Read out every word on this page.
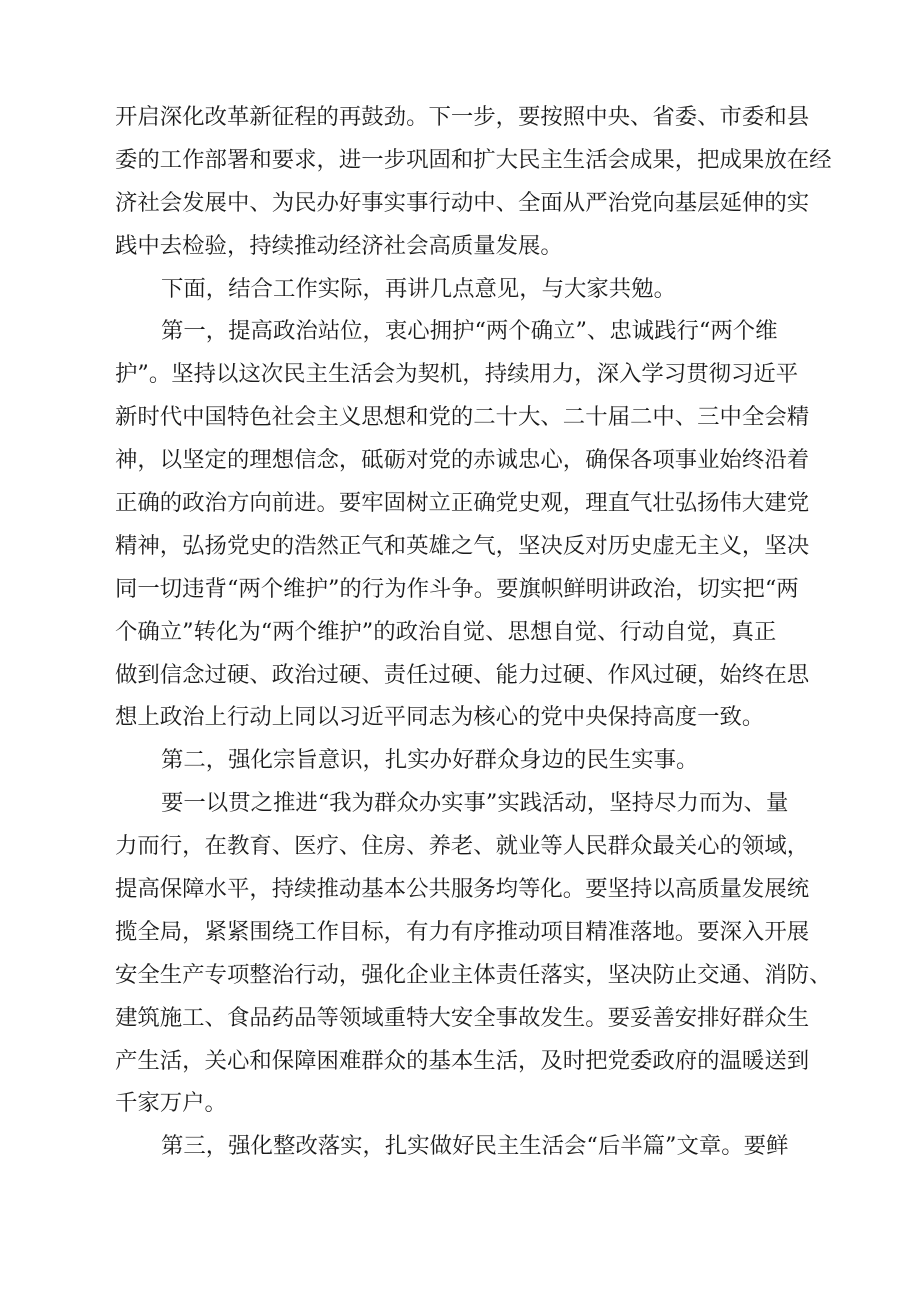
开启深化改革新征程的再鼓劲。下一步，要按照中央、省委、市委和县
委的工作部署和要求，进一步巩固和扩大民主生活会成果，把成果放在经
济社会发展中、为民办好事实事行动中、全面从严治党向基层延伸的实
践中去检验，持续推动经济社会高质量发展。
下面，结合工作实际，再讲几点意见，与大家共勉。
第一，提高政治站位，衷心拥护“两个确立”、忠诚践行“两个维
护”。坚持以这次民主生活会为契机，持续用力，深入学习贯彻习近平
新时代中国特色社会主义思想和党的二十大、二十届二中、三中全会精
神，以坚定的理想信念，砥砺对党的赤诚忠心，确保各项事业始终沿着
正确的政治方向前进。要牢固树立正确党史观，理直气壮弘扬伟大建党
精神，弘扬党史的浩然正气和英雄之气，坚决反对历史虚无主义，坚决
同一切违背“两个维护”的行为作斗争。要旗帜鲜明讲政治，切实把“两
个确立”转化为“两个维护”的政治自觉、思想自觉、行动自觉，真正
做到信念过硬、政治过硬、责任过硬、能力过硬、作风过硬，始终在思
想上政治上行动上同以习近平同志为核心的党中央保持高度一致。
第二，强化宗旨意识，扎实办好群众身边的民生实事。
要一以贯之推进“我为群众办实事”实践活动，坚持尽力而为、量
力而行，在教育、医疗、住房、养老、就业等人民群众最关心的领域，
提高保障水平，持续推动基本公共服务均等化。要坚持以高质量发展统
揽全局，紧紧围绕工作目标，有力有序推动项目精准落地。要深入开展
安全生产专项整治行动，强化企业主体责任落实，坚决防止交通、消防、
建筑施工、食品药品等领域重特大安全事故发生。要妥善安排好群众生
产生活，关心和保障困难群众的基本生活，及时把党委政府的温暖送到
千家万户。
第三，强化整改落实，扎实做好民主生活会“后半篇”文章。要鲜
